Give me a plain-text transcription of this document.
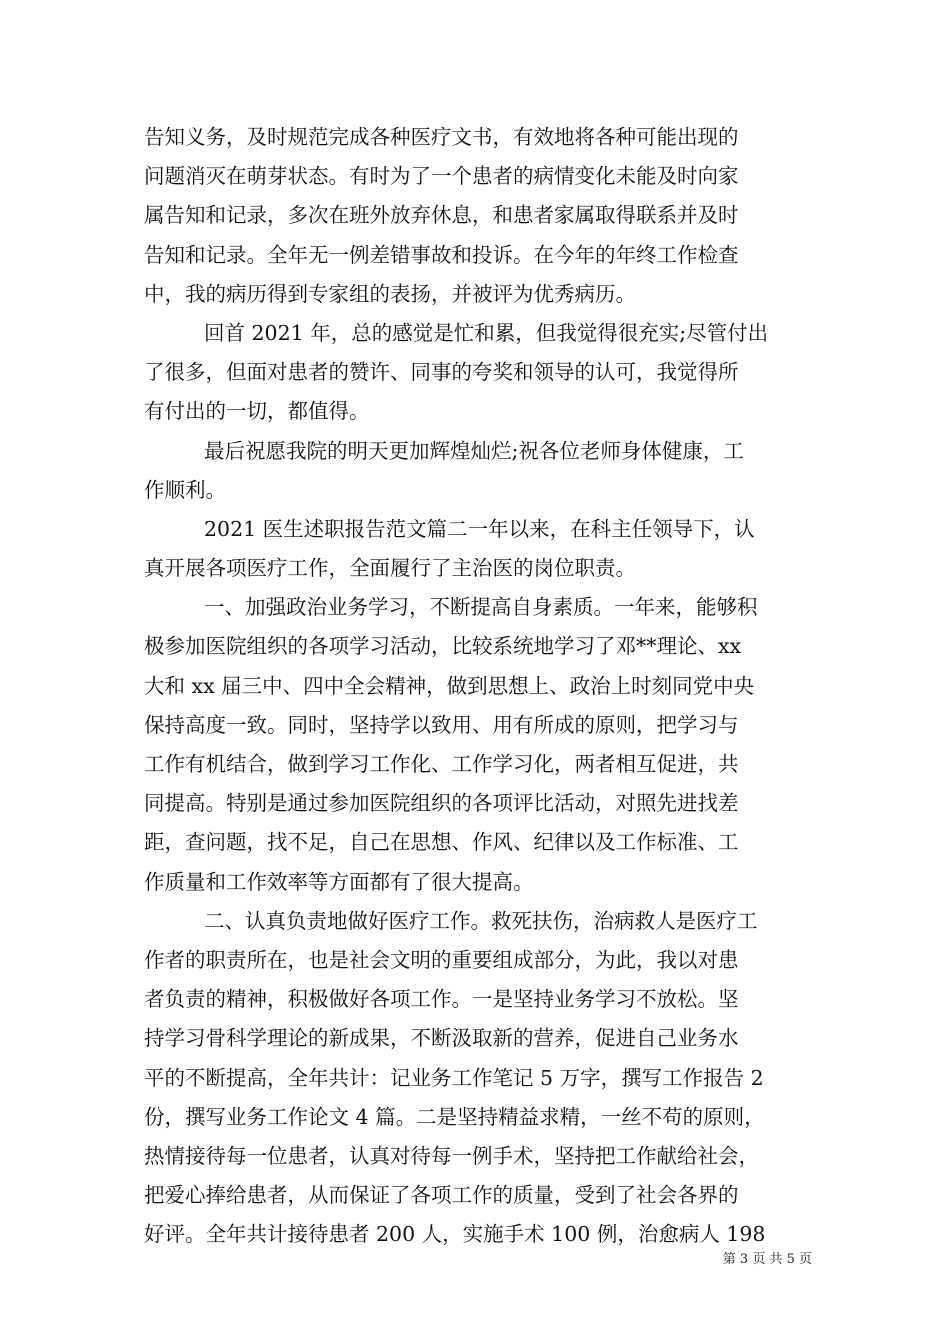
告知义务，及时规范完成各种医疗文书，有效地将各种可能出现的
问题消灭在萌芽状态。有时为了一个患者的病情变化未能及时向家
属告知和记录，多次在班外放弃休息，和患者家属取得联系并及时
告知和记录。全年无一例差错事故和投诉。在今年的年终工作检查
中，我的病历得到专家组的表扬，并被评为优秀病历。
回首 2021 年，总的感觉是忙和累，但我觉得很充实;尽管付出
了很多，但面对患者的赞许、同事的夸奖和领导的认可，我觉得所
有付出的一切，都值得。
最后祝愿我院的明天更加辉煌灿烂;祝各位老师身体健康，工
作顺利。
2021 医生述职报告范文篇二一年以来，在科主任领导下，认
真开展各项医疗工作，全面履行了主治医的岗位职责。
一、加强政治业务学习，不断提高自身素质。一年来，能够积
极参加医院组织的各项学习活动，比较系统地学习了邓**理论、xx
大和 xx 届三中、四中全会精神，做到思想上、政治上时刻同党中央
保持高度一致。同时，坚持学以致用、用有所成的原则，把学习与
工作有机结合，做到学习工作化、工作学习化，两者相互促进，共
同提高。特别是通过参加医院组织的各项评比活动，对照先进找差
距，查问题，找不足，自己在思想、作风、纪律以及工作标准、工
作质量和工作效率等方面都有了很大提高。
二、认真负责地做好医疗工作。救死扶伤，治病救人是医疗工
作者的职责所在，也是社会文明的重要组成部分，为此，我以对患
者负责的精神，积极做好各项工作。一是坚持业务学习不放松。坚
持学习骨科学理论的新成果，不断汲取新的营养，促进自己业务水
平的不断提高，全年共计：记业务工作笔记 5 万字，撰写工作报告 2
份，撰写业务工作论文 4 篇。二是坚持精益求精，一丝不苟的原则，
热情接待每一位患者，认真对待每一例手术，坚持把工作献给社会，
把爱心捧给患者，从而保证了各项工作的质量，受到了社会各界的
好评。全年共计接待患者 200 人，实施手术 100 例，治愈病人 198
第 3 页 共 5 页
